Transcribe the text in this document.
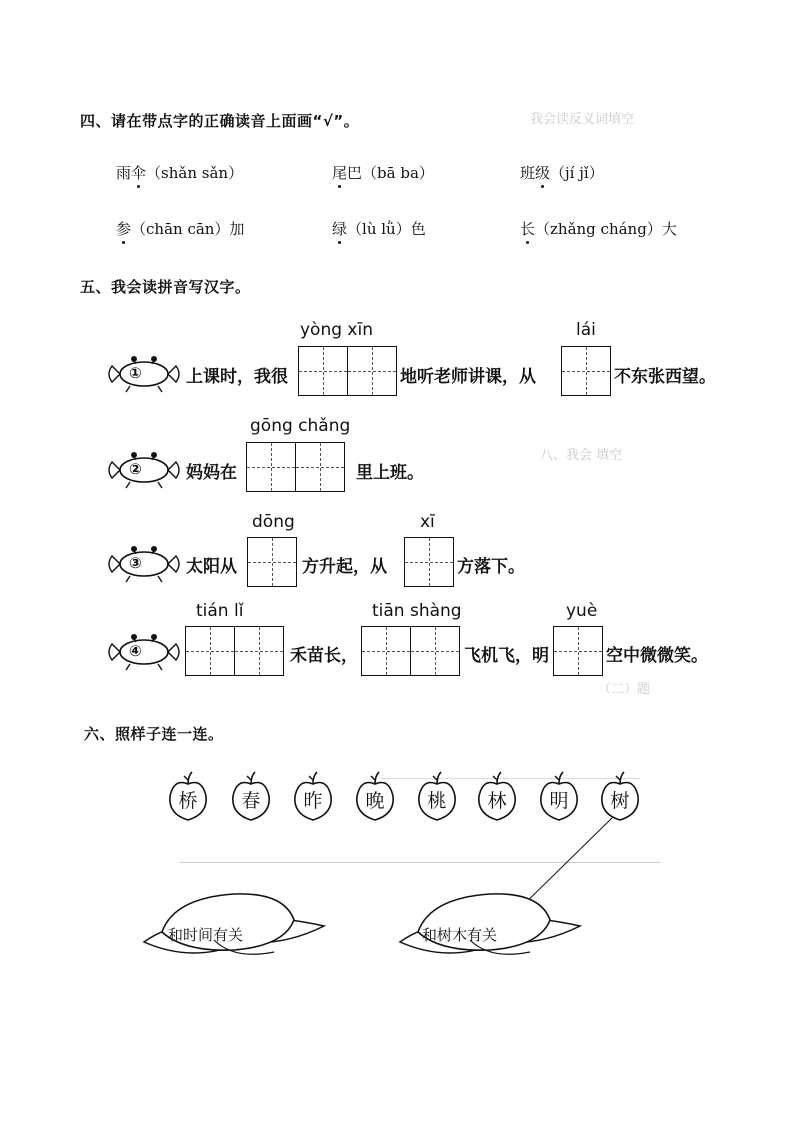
我会读反义词填空
八、我会 填空
（二）题
四、请在带点字的正确读音上面画“√”。
雨伞（shǎn sǎn）	尾巴（bā ba）	班级（jí jǐ）
参（chān cān）加	绿（lù lǜ）色	长（zhǎng cháng）大
五、我会读拼音写汉字。
①	上课时，我很
yòng xīn
地听老师讲课，从
lái
不东张西望。
②	妈妈在
gōng chǎng
里上班。
③	太阳从
dōng
方升起，从
xī
方落下。
④
tián lǐ
禾苗长，
tiān shàng
飞机飞，明
yuè
空中微微笑。
六、照样子连一连。
桥	春	昨	晚	桃	林	明	树
和时间有关	和树木有关
